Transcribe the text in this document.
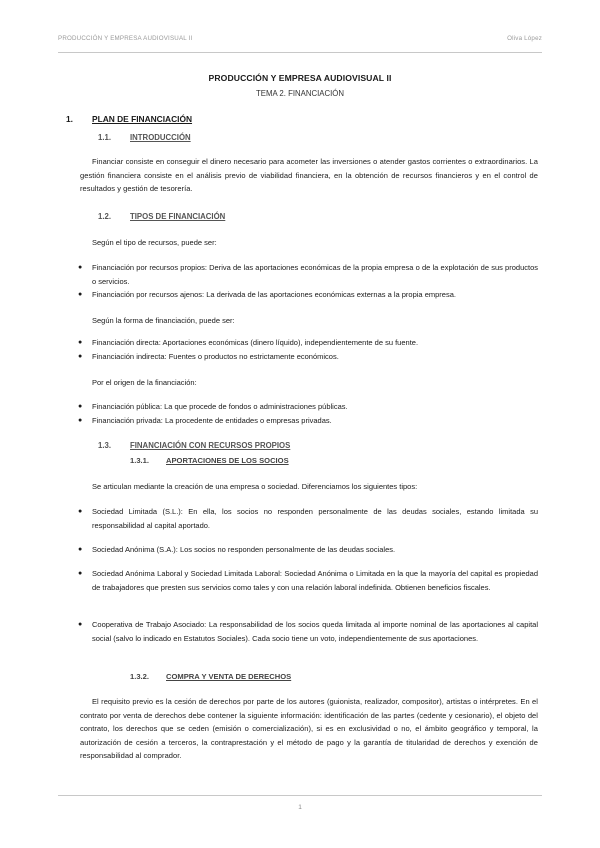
PRODUCCIÓN Y EMPRESA AUDIOVISUAL II	Oliva López
PRODUCCIÓN Y EMPRESA AUDIOVISUAL II
TEMA 2. FINANCIACIÓN
1. PLAN DE FINANCIACIÓN
1.1. INTRODUCCIÓN
Financiar consiste en conseguir el dinero necesario para acometer las inversiones o atender gastos corrientes o extraordinarios. La gestión financiera consiste en el análisis previo de viabilidad financiera, en la obtención de recursos financieros y en el control de resultados y gestión de tesorería.
1.2. TIPOS DE FINANCIACIÓN
Según el tipo de recursos, puede ser:
● Financiación por recursos propios: Deriva de las aportaciones económicas de la propia empresa o de la explotación de sus productos o servicios.
● Financiación por recursos ajenos: La derivada de las aportaciones económicas externas a la propia empresa.
Según la forma de financiación, puede ser:
● Financiación directa: Aportaciones económicas (dinero líquido), independientemente de su fuente.
● Financiación indirecta: Fuentes o productos no estrictamente económicos.
Por el origen de la financiación:
● Financiación pública: La que procede de fondos o administraciones públicas.
● Financiación privada: La procedente de entidades o empresas privadas.
1.3. FINANCIACIÓN CON RECURSOS PROPIOS
1.3.1. APORTACIONES DE LOS SOCIOS
Se articulan mediante la creación de una empresa o sociedad. Diferenciamos los siguientes tipos:
● Sociedad Limitada (S.L.): En ella, los socios no responden personalmente de las deudas sociales, estando limitada su responsabilidad al capital aportado.
● Sociedad Anónima (S.A.): Los socios no responden personalmente de las deudas sociales.
● Sociedad Anónima Laboral y Sociedad Limitada Laboral: Sociedad Anónima o Limitada en la que la mayoría del capital es propiedad de trabajadores que presten sus servicios como tales y con una relación laboral indefinida. Obtienen beneficios fiscales.
● Cooperativa de Trabajo Asociado: La responsabilidad de los socios queda limitada al importe nominal de las aportaciones al capital social (salvo lo indicado en Estatutos Sociales). Cada socio tiene un voto, independientemente de sus aportaciones.
1.3.2. COMPRA Y VENTA DE DERECHOS
El requisito previo es la cesión de derechos por parte de los autores (guionista, realizador, compositor), artistas o intérpretes. En el contrato por venta de derechos debe contener la siguiente información: identificación de las partes (cedente y cesionario), el objeto del contrato, los derechos que se ceden (emisión o comercialización), si es en exclusividad o no, el ámbito geográfico y temporal, la autorización de cesión a terceros, la contraprestación y el método de pago y la garantía de titularidad de derechos y exención de responsabilidad al comprador.
1
